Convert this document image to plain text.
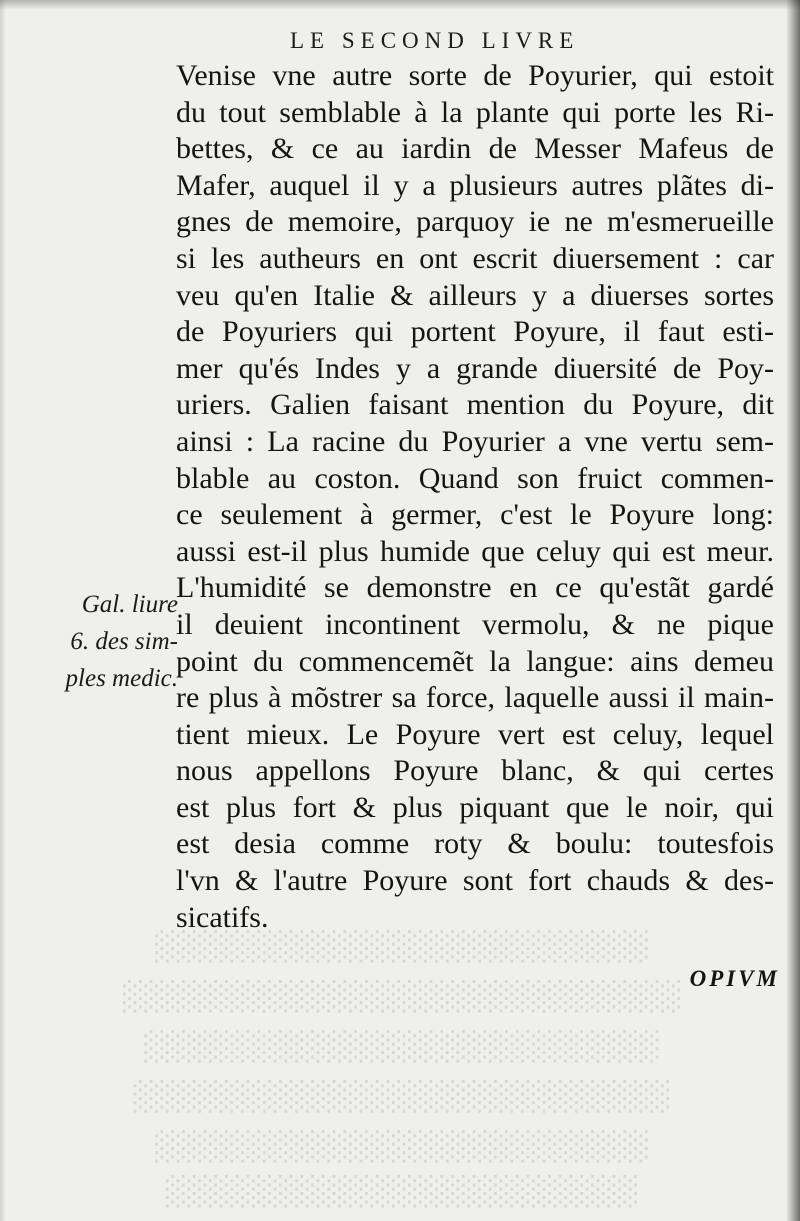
░░░░░░░░░░░░░░░░░░░░░░░
░░░░░░░░░░░░░░░░░░░░░░░░░░
░░░░░░░░░░░░░░░░░░░░░░░░
░░░░░░░░░░░░░░░░░░░░░░░░░
░░░░░░░░░░░░░░░░░░░░░░░
░░░░░░░░░░░░░░░░░░░░░░
LE SECOND LIVRE
Venise vne autre sorte de Poyurier, qui estoit
du tout semblable à la plante qui porte les Ri-
bettes, & ce au iardin de Messer Mafeus de
Mafer, auquel il y a plusieurs autres plãtes di-
gnes de memoire, parquoy ie ne m'esmerueille
si les autheurs en ont escrit diuersement : car
veu qu'en Italie & ailleurs y a diuerses sortes
de Poyuriers qui portent Poyure, il faut esti-
mer qu'és Indes y a grande diuersité de Poy-
uriers. Galien faisant mention du Poyure, dit
ainsi : La racine du Poyurier a vne vertu sem-
blable au coston. Quand son fruict commen-
ce seulement à germer, c'est le Poyure long:
aussi est-il plus humide que celuy qui est meur.
L'humidité se demonstre en ce qu'estãt gardé
il deuient incontinent vermolu, & ne pique
point du commencemẽt la langue: ains demeu
re plus à mõstrer sa force, laquelle aussi il main-
tient mieux. Le Poyure vert est celuy, lequel
nous appellons Poyure blanc, & qui certes
est plus fort & plus piquant que le noir, qui
est desia comme roty & boulu: toutesfois
l'vn & l'autre Poyure sont fort chauds & des-
sicatifs.
Gal. liure
6. des sim-
ples medic.
OPIVM
